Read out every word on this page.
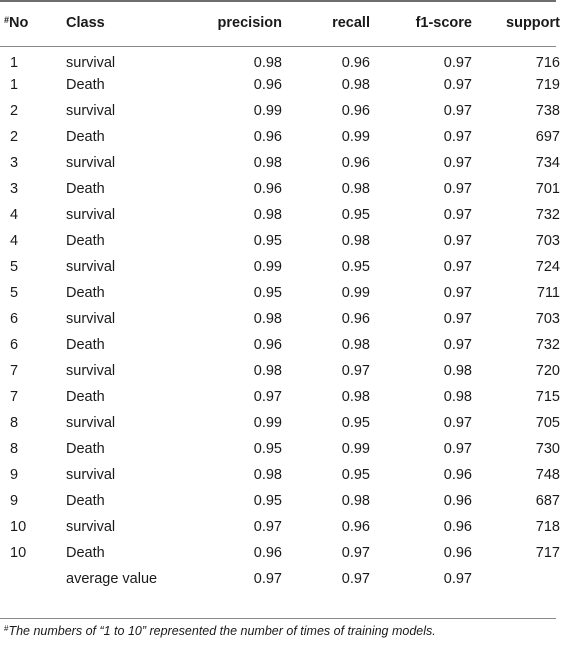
#No	Class	precision	recall	f1-score	support
1	survival	0.98	0.96	0.97	716
1	Death	0.96	0.98	0.97	719
2	survival	0.99	0.96	0.97	738
2	Death	0.96	0.99	0.97	697
3	survival	0.98	0.96	0.97	734
3	Death	0.96	0.98	0.97	701
4	survival	0.98	0.95	0.97	732
4	Death	0.95	0.98	0.97	703
5	survival	0.99	0.95	0.97	724
5	Death	0.95	0.99	0.97	711
6	survival	0.98	0.96	0.97	703
6	Death	0.96	0.98	0.97	732
7	survival	0.98	0.97	0.98	720
7	Death	0.97	0.98	0.98	715
8	survival	0.99	0.95	0.97	705
8	Death	0.95	0.99	0.97	730
9	survival	0.98	0.95	0.96	748
9	Death	0.95	0.98	0.96	687
10	survival	0.97	0.96	0.96	718
10	Death	0.96	0.97	0.96	717
	average value	0.97	0.97	0.97	
#The numbers of “1 to 10” represented the number of times of training models.
